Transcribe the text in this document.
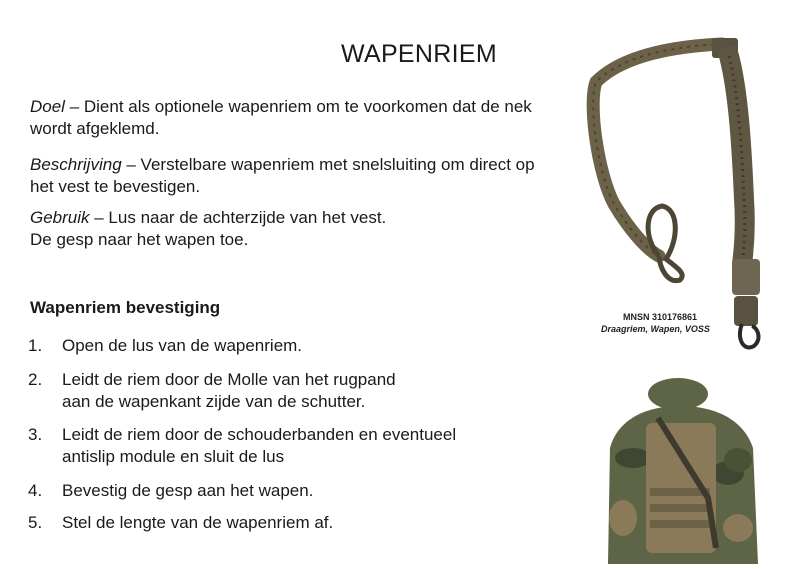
WAPENRIEM
Doel – Dient als optionele wapenriem om te voorkomen dat de nek wordt afgeklemd.
Beschrijving – Verstelbare wapenriem met snelsluiting om direct op het vest te bevestigen.
Gebruik – Lus naar de achterzijde van het vest.
De gesp naar het wapen toe.
Wapenriem bevestiging
1.	Open de lus van de wapenriem.
2.	Leidt de riem door de Molle van het rugpand
aan de wapenkant zijde van de schutter.
3.	Leidt de riem door de schouderbanden en eventueel
antislip module en sluit de lus
4.	Bevestig de gesp aan het wapen.
5.	Stel de lengte van de wapenriem af.
MNSN 310176861
Draagriem, Wapen, VOSS
